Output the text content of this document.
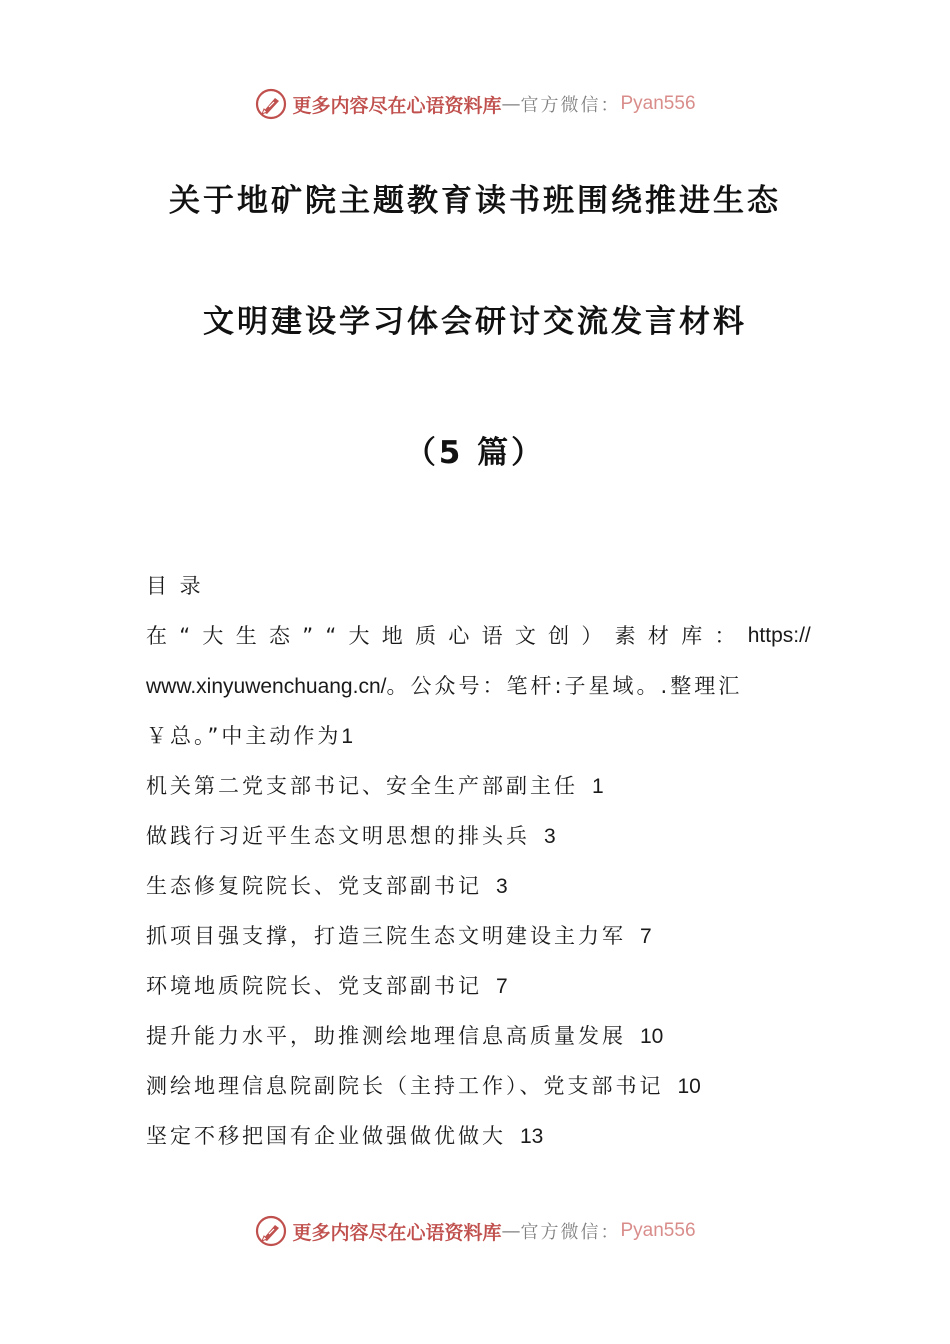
更多内容尽在心语资料库 — 官方微信： Pyan556
关于地矿院主题教育读书班围绕推进生态
文明建设学习体会研讨交流发言材料
（5 篇）
目 录
在 “ 大 生 态 ” “ 大 地 质 心 语 文 创 ） 素 材 库 ： https://
www.xinyuwenchuang.cn/。公众号：笔杆:子星域。.整理汇
￥总。”中主动作为1
机关第二党支部书记、安全生产部副主任 1
做践行习近平生态文明思想的排头兵 3
生态修复院院长、党支部副书记 3
抓项目强支撑，打造三院生态文明建设主力军 7
环境地质院院长、党支部副书记 7
提升能力水平，助推测绘地理信息高质量发展 10
测绘地理信息院副院长（主持工作）、党支部书记 10
坚定不移把国有企业做强做优做大 13
更多内容尽在心语资料库 — 官方微信： Pyan556
